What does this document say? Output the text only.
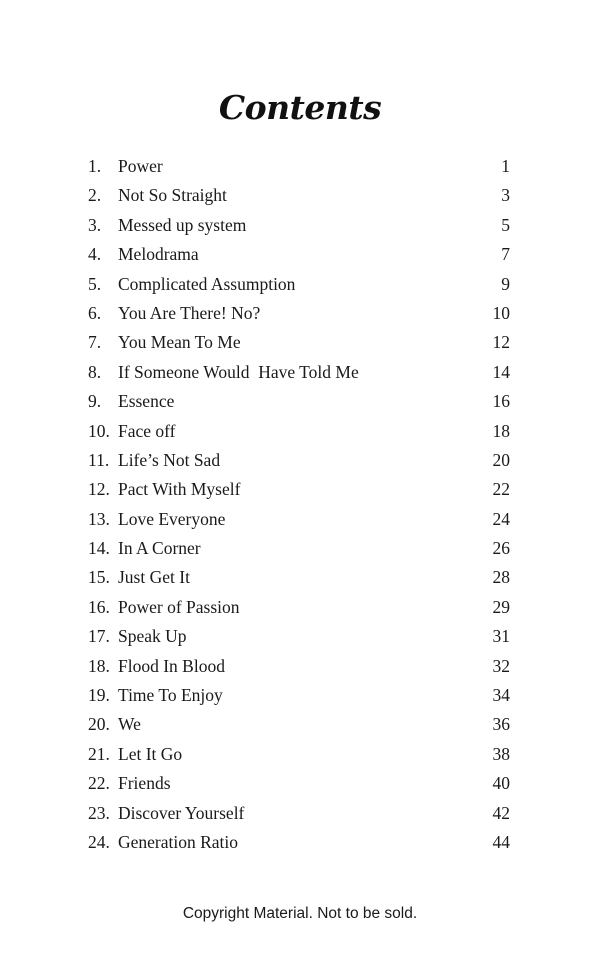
Contents
1. Power	1
2. Not So Straight	3
3. Messed up system	5
4. Melodrama	7
5. Complicated Assumption	9
6. You Are There! No?	10
7. You Mean To Me	12
8. If Someone Would  Have Told Me	14
9. Essence	16
10. Face off	18
11. Life’s Not Sad	20
12. Pact With Myself	22
13. Love Everyone	24
14. In A Corner	26
15. Just Get It	28
16. Power of Passion	29
17. Speak Up	31
18. Flood In Blood	32
19. Time To Enjoy	34
20. We	36
21. Let It Go	38
22. Friends	40
23. Discover Yourself	42
24. Generation Ratio	44
Copyright Material. Not to be sold.
